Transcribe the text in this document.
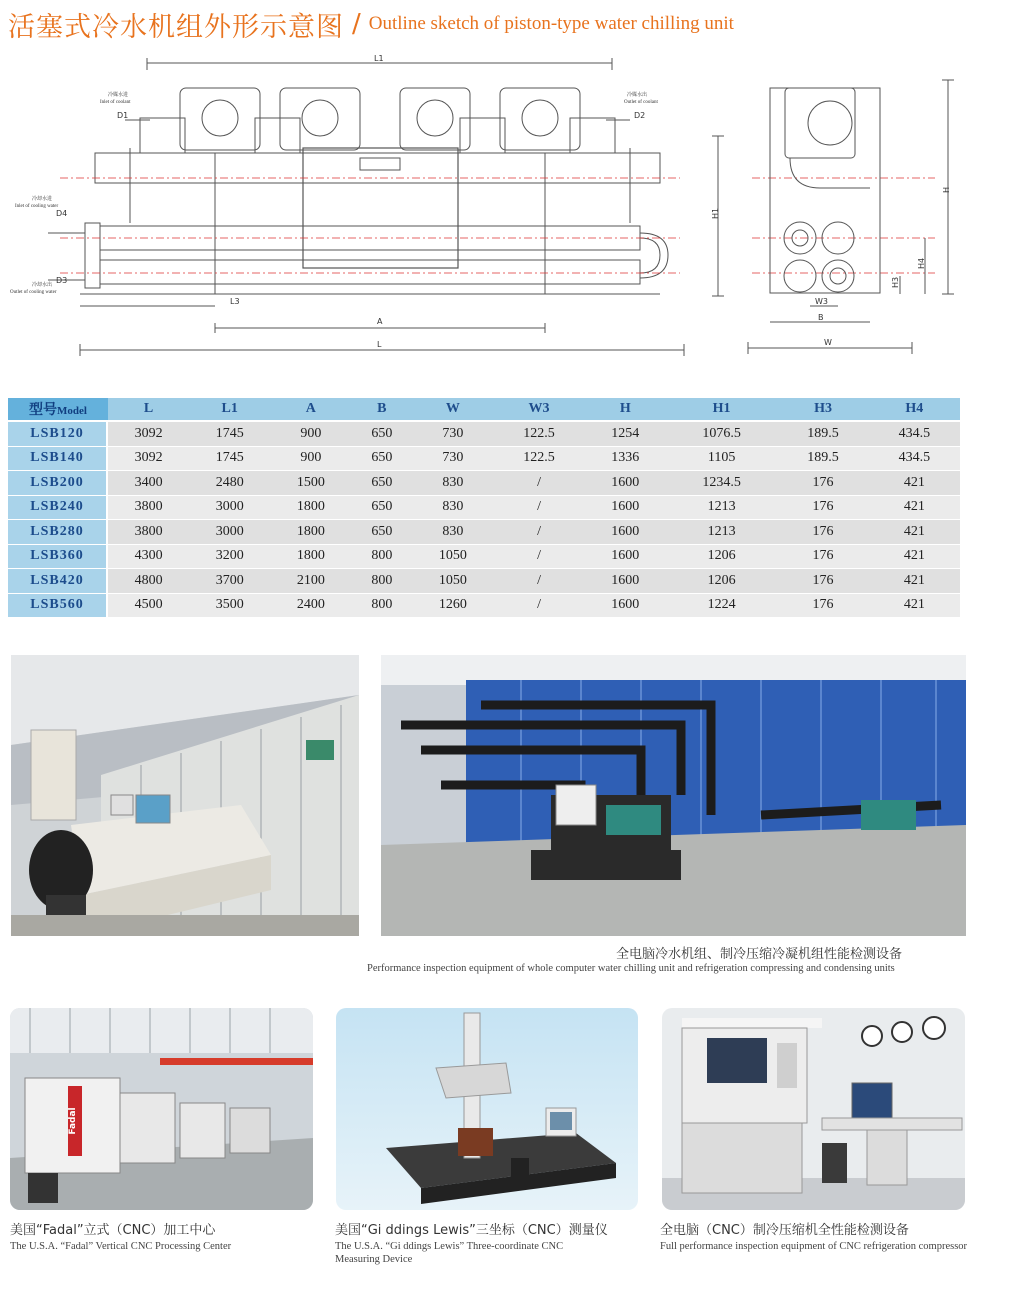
活塞式冷水机组外形示意图 / Outline sketch of piston-type water chilling unit
L1
H1
L3
A
L
H
H4
H3
W3
B
W
D1
冷媒水进
Inlet of coolant
D2
冷媒水出
Outlet of coolant
D4
冷却水进
Inlet of cooling water
D3
冷却水出
Outlet of cooling water
型号Model	L	L1	A	B	W	W3	H	H1	H3	H4
LSB120	3092	1745	900	650	730	122.5	1254	1076.5	189.5	434.5
LSB140	3092	1745	900	650	730	122.5	1336	1105	189.5	434.5
LSB200	3400	2480	1500	650	830	/	1600	1234.5	176	421
LSB240	3800	3000	1800	650	830	/	1600	1213	176	421
LSB280	3800	3000	1800	650	830	/	1600	1213	176	421
LSB360	4300	3200	1800	800	1050	/	1600	1206	176	421
LSB420	4800	3700	2100	800	1050	/	1600	1206	176	421
LSB560	4500	3500	2400	800	1260	/	1600	1224	176	421
全电脑冷水机组、制冷压缩冷凝机组性能检测设备
Performance inspection equipment of whole computer water chilling unit and refrigeration compressing and condensing units
Fadal
美国“Fadal”立式（CNC）加工中心
The U.S.A. “Fadal” Vertical CNC Processing Center
美国“Gi ddings Lewis”三坐标（CNC）测量仪
The U.S.A. “Gi ddings Lewis” Three-coordinate CNC
Measuring Device
全电脑（CNC）制冷压缩机全性能检测设备
Full performance inspection equipment of CNC refrigeration compressor
